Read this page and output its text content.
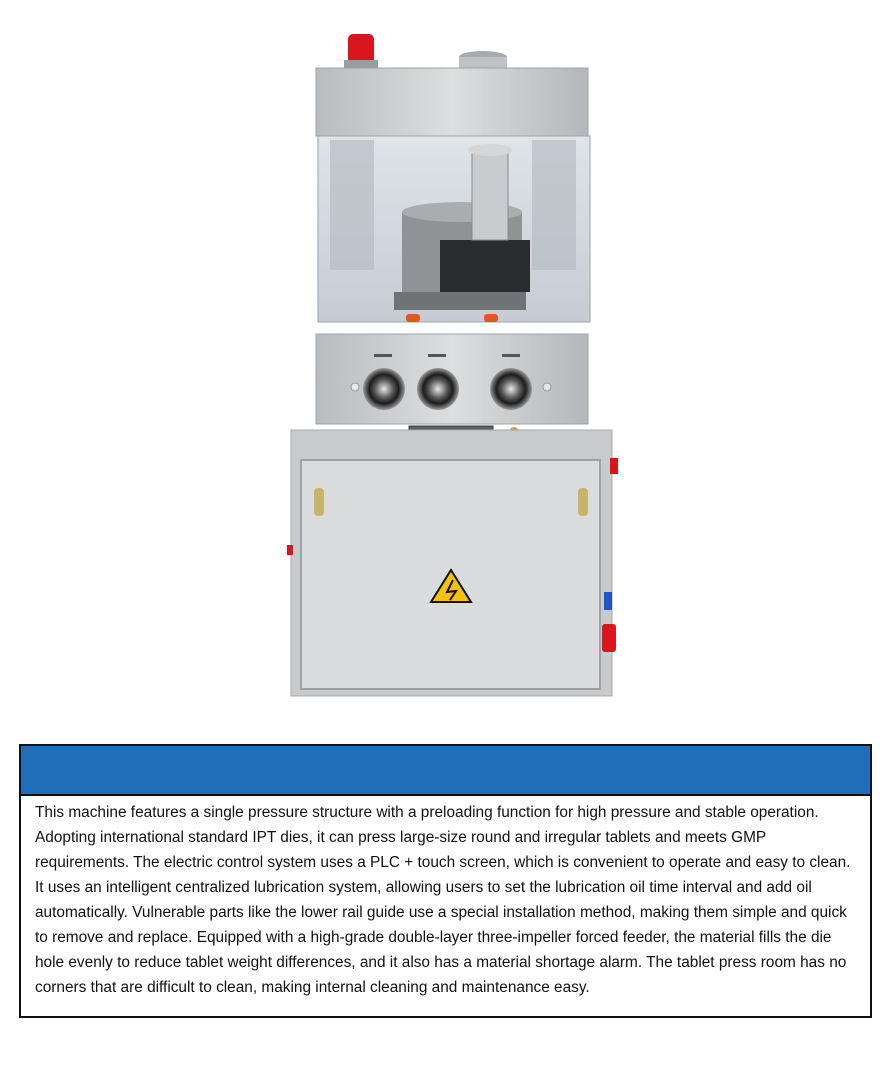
This machine features a single pressure structure with a preloading function for high pressure and stable operation. Adopting international standard IPT dies, it can press large-size round and irregular tablets and meets GMP requirements. The electric control system uses a PLC + touch screen, which is convenient to operate and easy to clean. It uses an intelligent centralized lubrication system, allowing users to set the lubrication oil time interval and add oil automatically. Vulnerable parts like the lower rail guide use a special installation method, making them simple and quick to remove and replace. Equipped with a high-grade double-layer three-impeller forced feeder, the material fills the die hole evenly to reduce tablet weight differences, and it also has a material shortage alarm. The tablet press room has no corners that are difficult to clean, making internal cleaning and maintenance easy.
